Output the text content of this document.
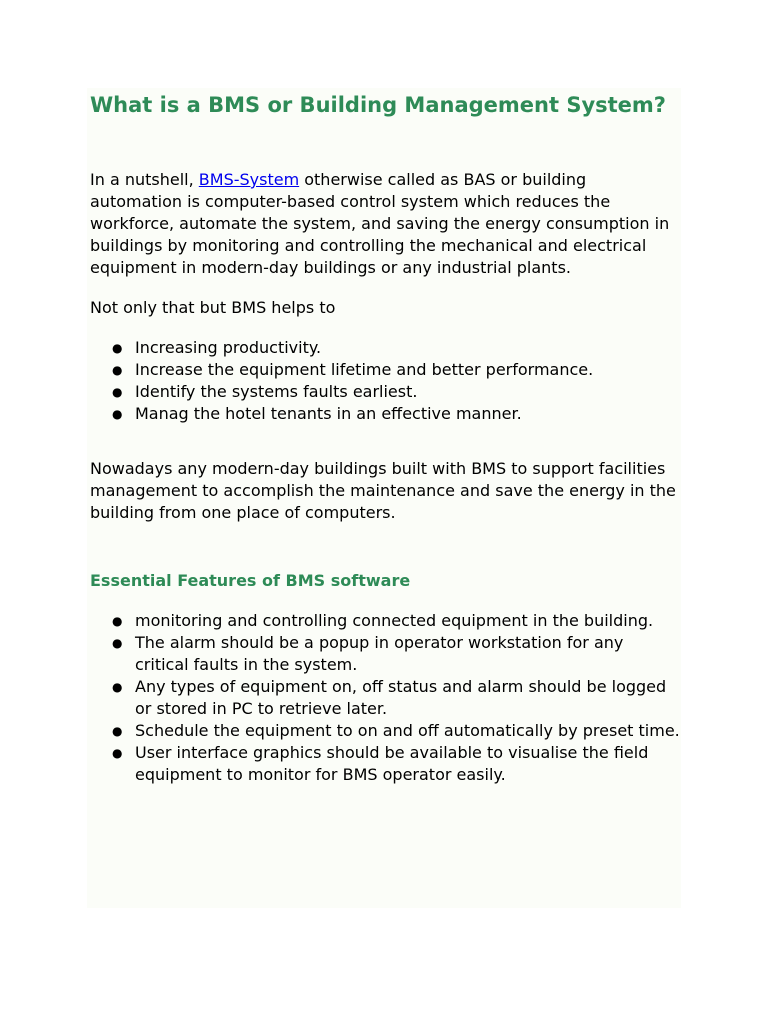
What is a BMS or Building Management System?

In a nutshell, BMS-System otherwise called as BAS or building automation is computer-based control system which reduces the workforce, automate the system, and saving the energy consumption in buildings by monitoring and controlling the mechanical and electrical equipment in modern-day buildings or any industrial plants.

Not only that but BMS helps to

● Increasing productivity.
● Increase the equipment lifetime and better performance.
● Identify the systems faults earliest.
● Manag the hotel tenants in an effective manner.

Nowadays any modern-day buildings built with BMS to support facilities management to accomplish the maintenance and save the energy in the building from one place of computers.

Essential Features of BMS software
● monitoring and controlling connected equipment in the building.
● The alarm should be a popup in operator workstation for any critical faults in the system.
● Any types of equipment on, off status and alarm should be logged or stored in PC to retrieve later.
● Schedule the equipment to on and off automatically by preset time.
● User interface graphics should be available to visualise the field equipment to monitor for BMS operator easily.
